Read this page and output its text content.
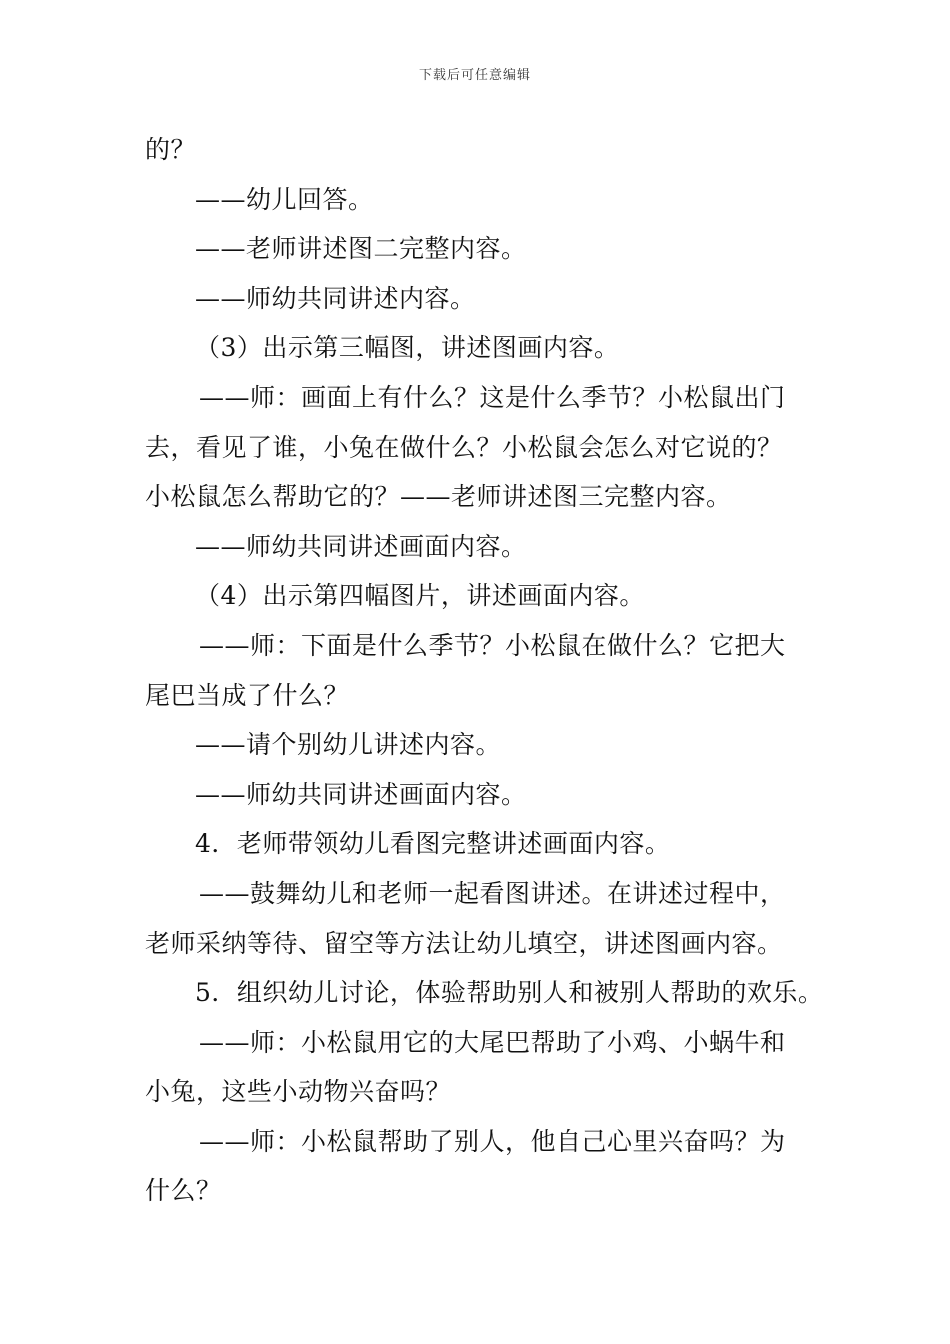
下载后可任意编辑
的？
——幼儿回答。
——老师讲述图二完整内容。
——师幼共同讲述内容。
（3）出示第三幅图，讲述图画内容。
——师：画面上有什么？这是什么季节？小松鼠出门
去，看见了谁，小兔在做什么？小松鼠会怎么对它说的？
小松鼠怎么帮助它的？——老师讲述图三完整内容。
——师幼共同讲述画面内容。
（4）出示第四幅图片，讲述画面内容。
——师：下面是什么季节？小松鼠在做什么？它把大
尾巴当成了什么？
——请个别幼儿讲述内容。
——师幼共同讲述画面内容。
4．老师带领幼儿看图完整讲述画面内容。
——鼓舞幼儿和老师一起看图讲述。在讲述过程中，
老师采纳等待、留空等方法让幼儿填空，讲述图画内容。
5．组织幼儿讨论，体验帮助别人和被别人帮助的欢乐。
——师：小松鼠用它的大尾巴帮助了小鸡、小蜗牛和
小兔，这些小动物兴奋吗？
——师：小松鼠帮助了别人，他自己心里兴奋吗？为
什么？
